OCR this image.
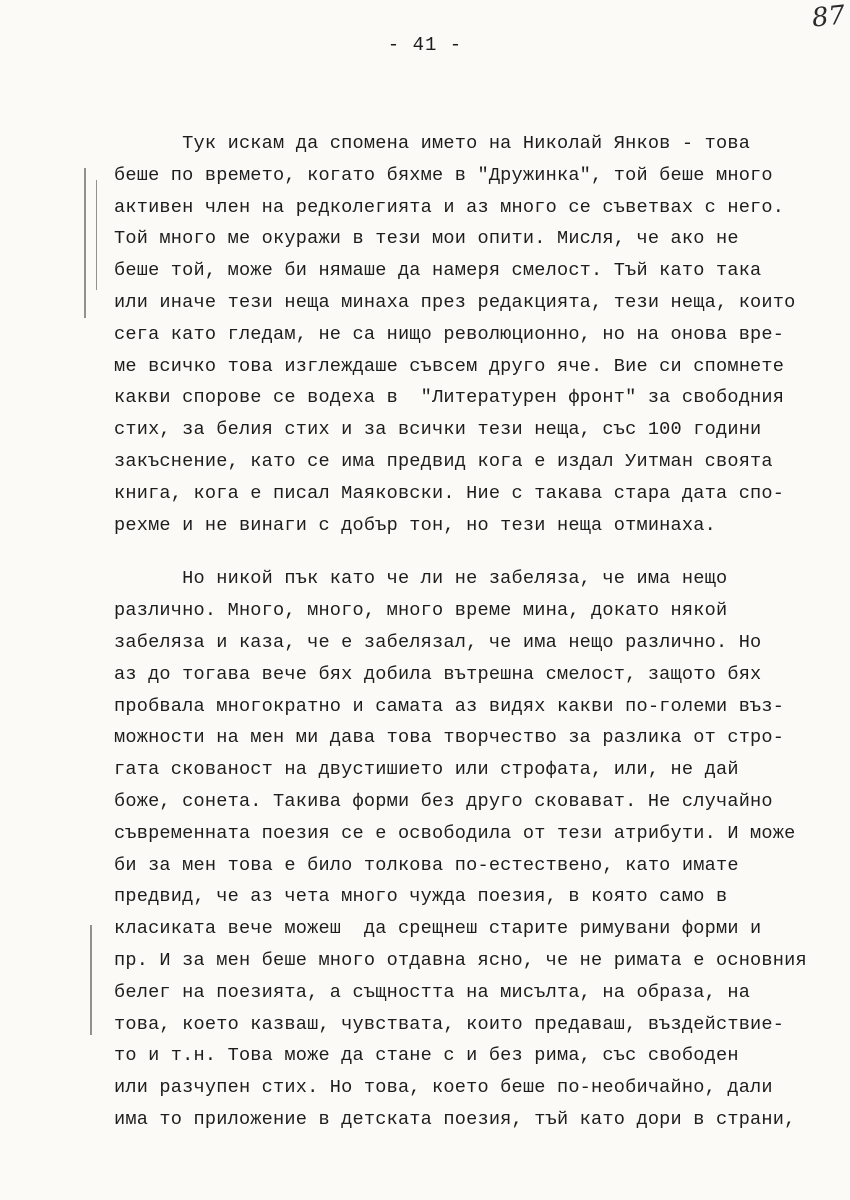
87
- 41 -

Тук искам да спомена името на Николай Янков - това
беше по времето, когато бяхме в "Дружинка", той беше много
активен член на редколегията и аз много се съветвах с него.
Той много ме окуражи в тези мои опити. Мисля, че ако не
беше той, може би нямаше да намеря смелост. Тъй като така
или иначе тези неща минаха през редакцията, тези неща, които
сега като гледам, не са нищо революционно, но на онова вре-
ме всичко това изглеждаше съвсем друго яче. Вие си спомнете
какви спорове се водеха в  "Литературен фронт" за свободния
стих, за белия стих и за всички тези неща, със 100 години
закъснение, като се има предвид кога е издал Уитман своята
книга, кога е писал Маяковски. Ние с такава стара дата спо-
рехме и не винаги с добър тон, но тези неща отминаха.

Но никой пък като че ли не забеляза, че има нещо
различно. Много, много, много време мина, докато някой
забеляза и каза, че е забелязал, че има нещо различно. Но
аз до тогава вече бях добила вътрешна смелост, защото бях
пробвала многократно и самата аз видях какви по-големи въз-
можности на мен ми дава това творчество за разлика от стро-
гата скованост на двустишието или строфата, или, не дай
боже, сонета. Такива форми без друго сковават. Не случайно
съвременната поезия се е освободила от тези атрибути. И може
би за мен това е било толкова по-естествено, като имате
предвид, че аз чета много чужда поезия, в която само в
класиката вече можеш  да срещнеш старите римувани форми и
пр. И за мен беше много отдавна ясно, че не римата е основния
белег на поезията, а същността на мисълта, на образа, на
това, което казваш, чувствата, които предаваш, въздействие-
то и т.н. Това може да стане с и без рима, със свободен
или разчупен стих. Но това, което беше по-необичайно, дали
има то приложение в детската поезия, тъй като дори в страни,
